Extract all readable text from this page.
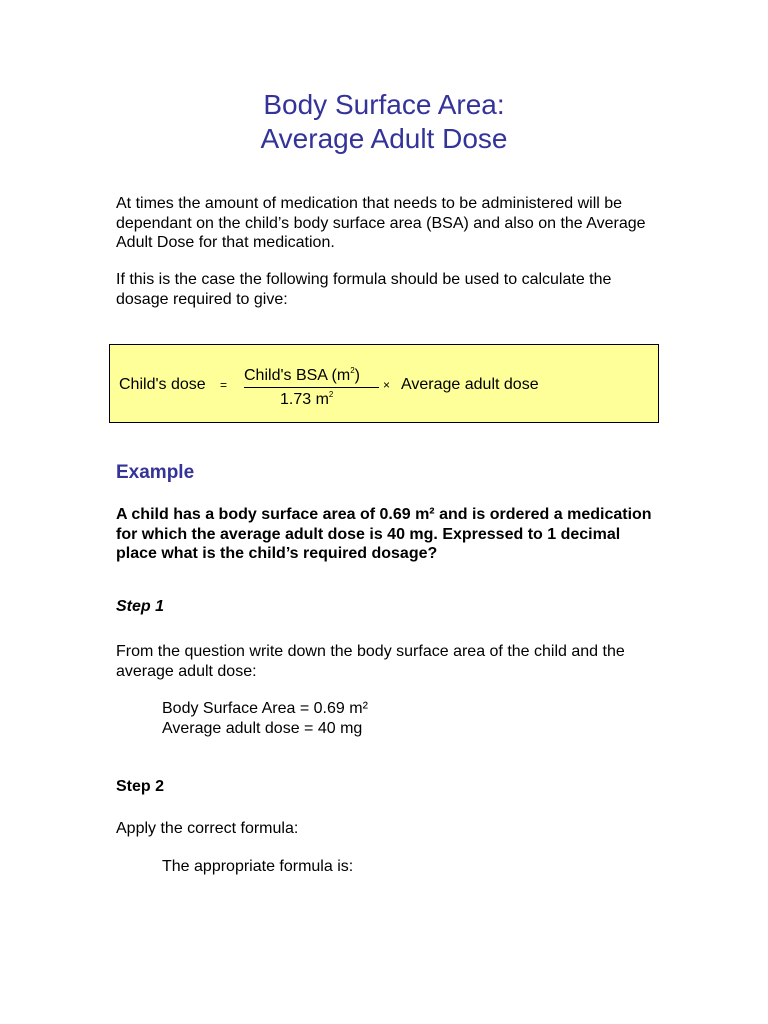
Body Surface Area:
Average Adult Dose

At times the amount of medication that needs to be administered will be dependant on the child’s body surface area (BSA) and also on the Average Adult Dose for that medication.

If this is the case the following formula should be used to calculate the dosage required to give:

Child's dose =
Child's BSA $(m^2)$
1.73 $m^2$
× Average adult dose
Example

A child has a body surface area of 0.69 m² and is ordered a medication for which the average adult dose is 40 mg. Expressed to 1 decimal place what is the child’s required dosage?

Step 1

From the question write down the body surface area of the child and the average adult dose:

Body Surface Area = 0.69 m²
Average adult dose = 40 mg

Step 2

Apply the correct formula:

The appropriate formula is:
